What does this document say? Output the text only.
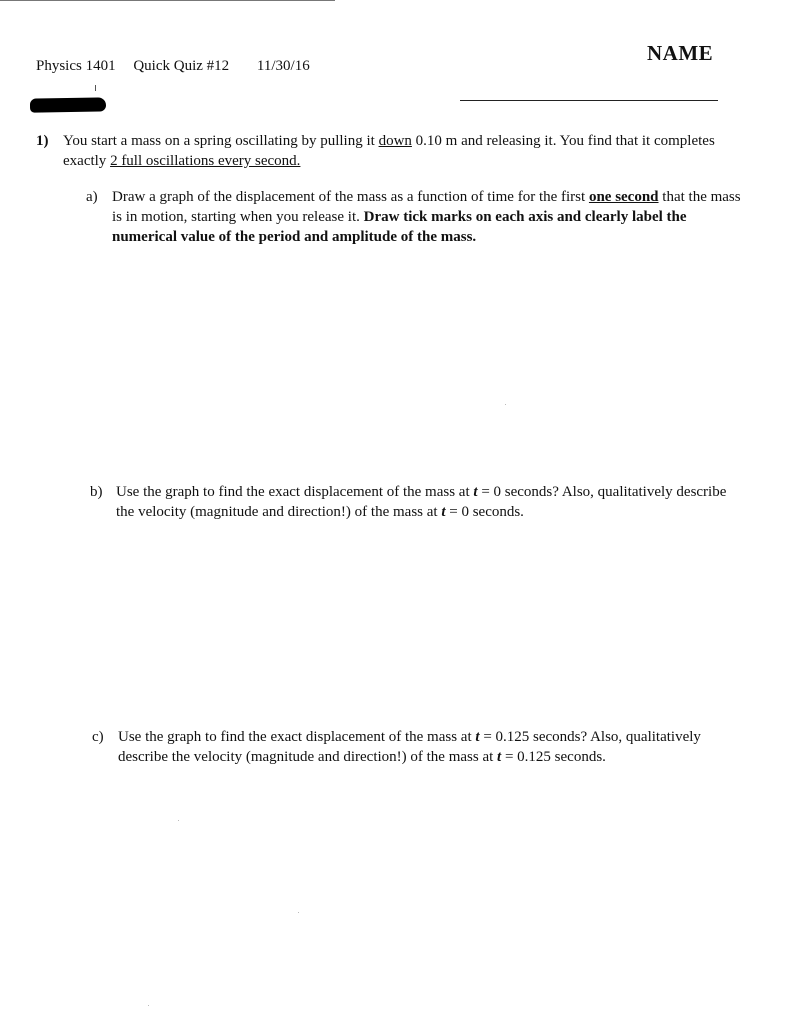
Physics 1401 Quick Quiz #12 11/30/16
NAME
1) You start a mass on a spring oscillating by pulling it down 0.10 m and releasing it. You find that it completes exactly 2 full oscillations every second.
a) Draw a graph of the displacement of the mass as a function of time for the first one second that the mass is in motion, starting when you release it. Draw tick marks on each axis and clearly label the numerical value of the period and amplitude of the mass.
b) Use the graph to find the exact displacement of the mass at t = 0 seconds? Also, qualitatively describe the velocity (magnitude and direction!) of the mass at t = 0 seconds.
c) Use the graph to find the exact displacement of the mass at t = 0.125 seconds? Also, qualitatively describe the velocity (magnitude and direction!) of the mass at t = 0.125 seconds.
